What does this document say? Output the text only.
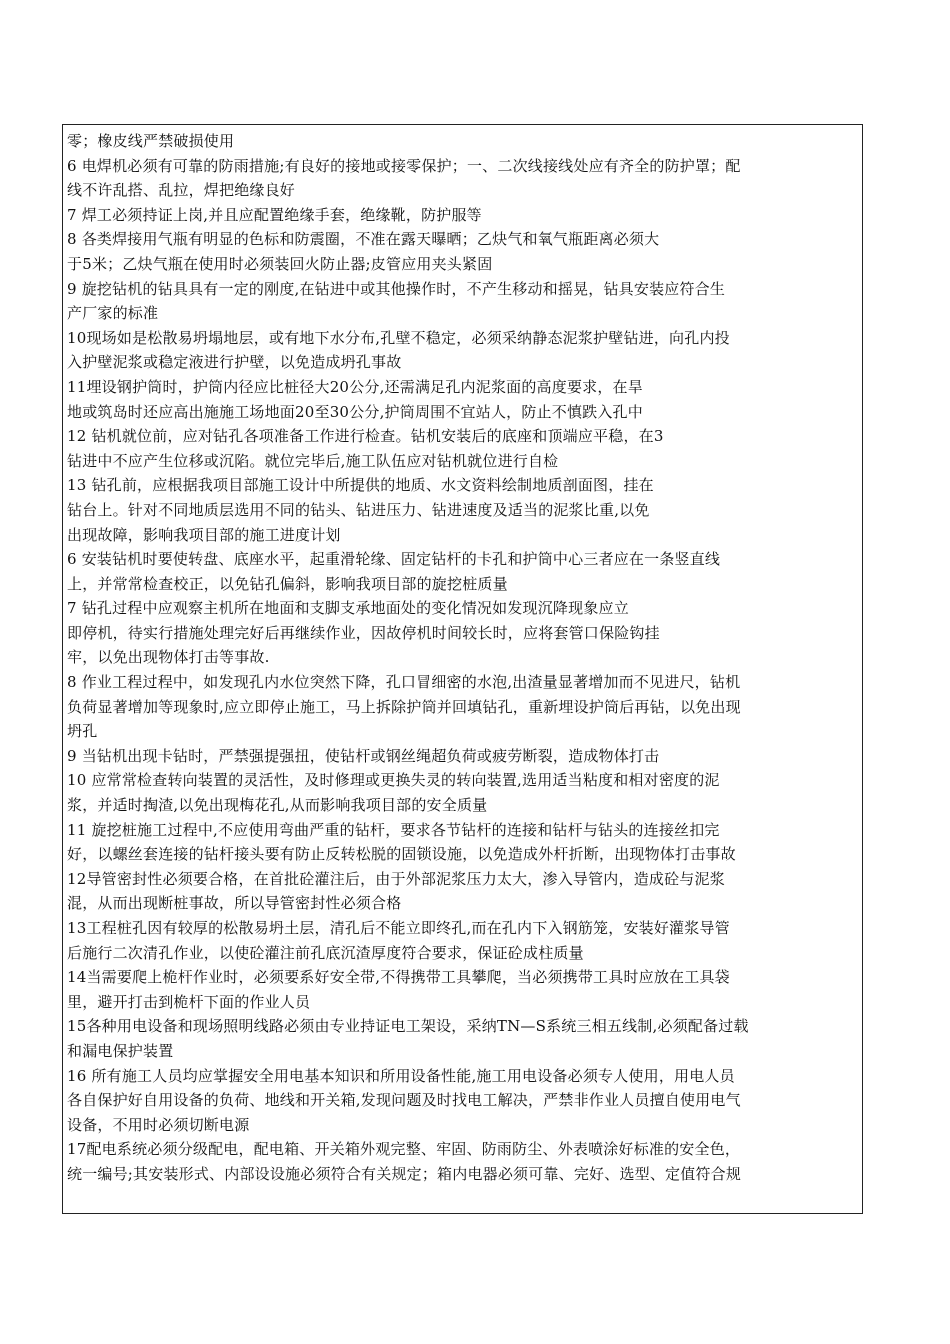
零；橡皮线严禁破损使用
6 电焊机必须有可靠的防雨措施;有良好的接地或接零保护；一、二次线接线处应有齐全的防护罩；配
线不许乱搭、乱拉，焊把绝缘良好
7 焊工必须持证上岗,并且应配置绝缘手套，绝缘靴，防护服等
8 各类焊接用气瓶有明显的色标和防震圈，不准在露天曝晒；乙炔气和氧气瓶距离必须大
于5米；乙炔气瓶在使用时必须装回火防止器;皮管应用夹头紧固
9 旋挖钻机的钻具具有一定的刚度,在钻进中或其他操作时，不产生移动和摇晃，钻具安装应符合生
产厂家的标准
10现场如是松散易坍塌地层，或有地下水分布,孔壁不稳定，必须采纳静态泥浆护壁钻进，向孔内投
入护壁泥浆或稳定液进行护壁，以免造成坍孔事故
11埋设钢护筒时，护筒内径应比桩径大20公分,还需满足孔内泥浆面的高度要求，在旱
地或筑岛时还应高出施施工场地面20至30公分,护筒周围不宜站人，防止不慎跌入孔中
12 钻机就位前，应对钻孔各项准备工作进行检查。钻机安装后的底座和顶端应平稳，在3
钻进中不应产生位移或沉陷。就位完毕后,施工队伍应对钻机就位进行自检
13 钻孔前，应根据我项目部施工设计中所提供的地质、水文资料绘制地质剖面图，挂在
钻台上。针对不同地质层选用不同的钻头、钻进压力、钻进速度及适当的泥浆比重,以免
出现故障，影响我项目部的施工进度计划
6 安装钻机时要使转盘、底座水平，起重滑轮缘、固定钻杆的卡孔和护筒中心三者应在一条竖直线
上，并常常检查校正，以免钻孔偏斜，影响我项目部的旋挖桩质量
7 钻孔过程中应观察主机所在地面和支脚支承地面处的变化情况如发现沉降现象应立
即停机，待实行措施处理完好后再继续作业，因故停机时间较长时，应将套管口保险钩挂
牢，以免出现物体打击等事故.
8 作业工程过程中，如发现孔内水位突然下降，孔口冒细密的水泡,出渣量显著增加而不见进尺，钻机
负荷显著增加等现象时,应立即停止施工，马上拆除护筒并回填钻孔，重新埋设护筒后再钻，以免出现
坍孔
9 当钻机出现卡钻时，严禁强提强扭，使钻杆或钢丝绳超负荷或疲劳断裂，造成物体打击
10 应常常检查转向装置的灵活性，及时修理或更换失灵的转向装置,选用适当粘度和相对密度的泥
浆，并适时掏渣,以免出现梅花孔,从而影响我项目部的安全质量
11 旋挖桩施工过程中,不应使用弯曲严重的钻杆，要求各节钻杆的连接和钻杆与钻头的连接丝扣完
好，以螺丝套连接的钻杆接头要有防止反转松脱的固锁设施，以免造成外杆折断，出现物体打击事故
12导管密封性必须要合格，在首批砼灌注后，由于外部泥浆压力太大，渗入导管内，造成砼与泥浆
混，从而出现断桩事故，所以导管密封性必须合格
13工程桩孔因有较厚的松散易坍土层，清孔后不能立即终孔,而在孔内下入钢筋笼，安装好灌浆导管
后施行二次清孔作业，以使砼灌注前孔底沉渣厚度符合要求，保证砼成柱质量
14当需要爬上桅杆作业时，必须要系好安全带,不得携带工具攀爬，当必须携带工具时应放在工具袋
里，避开打击到桅杆下面的作业人员
15各种用电设备和现场照明线路必须由专业持证电工架设，采纳TN—S系统三相五线制,必须配备过载
和漏电保护装置
16 所有施工人员均应掌握安全用电基本知识和所用设备性能,施工用电设备必须专人使用，用电人员
各自保护好自用设备的负荷、地线和开关箱,发现问题及时找电工解决，严禁非作业人员擅自使用电气
设备，不用时必须切断电源
17配电系统必须分级配电，配电箱、开关箱外观完整、牢固、防雨防尘、外表喷涂好标准的安全色，
统一编号;其安装形式、内部设设施必须符合有关规定；箱内电器必须可靠、完好、选型、定值符合规
